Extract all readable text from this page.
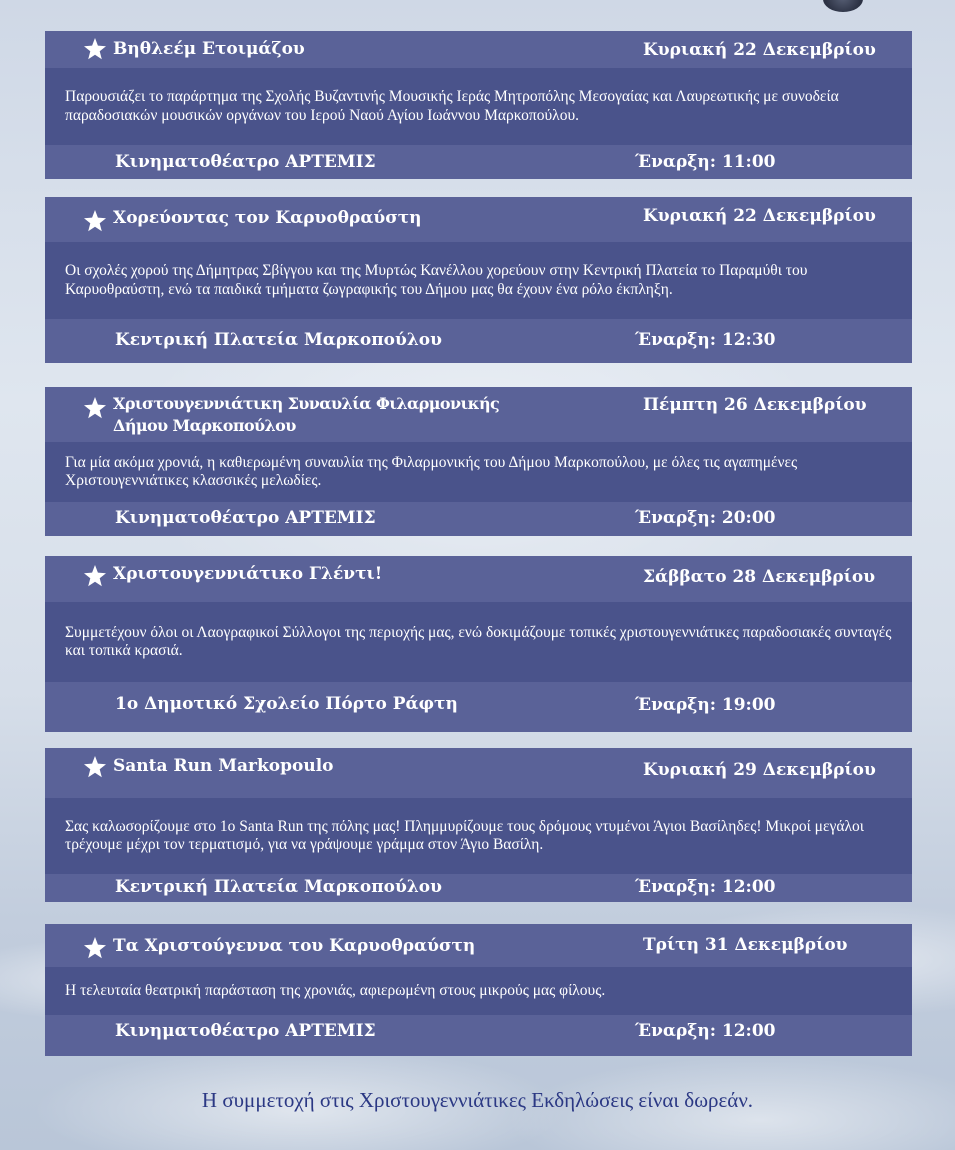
Βηθλεέμ Ετοιμάζου	Κυριακή 22 Δεκεμβρίου
Παρουσιάζει το παράρτημα της Σχολής Βυζαντινής Μουσικής Ιεράς Μητροπόλης Μεσογαίας και Λαυρεωτικής με συνοδεία παραδοσιακών μουσικών οργάνων του Ιερού Ναού Αγίου Ιωάννου Μαρκοπούλου.
Κινηματοθέατρο ΑΡΤΕΜΙΣ	Έναρξη: 11:00
Χορεύοντας τον Καρυοθραύστη	Κυριακή 22 Δεκεμβρίου
Οι σχολές χορού της Δήμητρας Σβίγγου και της Μυρτώς Κανέλλου χορεύουν στην Κεντρική Πλατεία το Παραμύθι του Καρυοθραύστη, ενώ τα παιδικά τμήματα ζωγραφικής του Δήμου μας θα έχουν ένα ρόλο έκπληξη.
Κεντρική Πλατεία Μαρκοπούλου	Έναρξη: 12:30
Χριστουγεννιάτικη Συναυλία Φιλαρμονικής
Δήμου Μαρκοπούλου
Πέμπτη 26 Δεκεμβρίου
Για μία ακόμα χρονιά, η καθιερωμένη συναυλία της Φιλαρμονικής του Δήμου Μαρκοπούλου, με όλες τις αγαπημένες Χριστουγεννιάτικες κλασσικές μελωδίες.
Κινηματοθέατρο ΑΡΤΕΜΙΣ	Έναρξη: 20:00
Χριστουγεννιάτικο Γλέντι!	Σάββατο 28 Δεκεμβρίου
Συμμετέχουν όλοι οι Λαογραφικοί Σύλλογοι της περιοχής μας, ενώ δοκιμάζουμε τοπικές χριστουγεννιάτικες παραδοσιακές συνταγές και τοπικά κρασιά.
1ο Δημοτικό Σχολείο Πόρτο Ράφτη	Έναρξη: 19:00
Santa Run Markopoulo	Κυριακή 29 Δεκεμβρίου
Σας καλωσορίζουμε στο 1ο Santa Run της πόλης μας! Πλημμυρίζουμε τους δρόμους ντυμένοι Άγιοι Βασίληδες! Μικροί μεγάλοι τρέχουμε μέχρι τον τερματισμό, για να γράψουμε γράμμα στον Άγιο Βασίλη.
Κεντρική Πλατεία Μαρκοπούλου	Έναρξη: 12:00
Τα Χριστούγεννα του Καρυοθραύστη	Τρίτη 31 Δεκεμβρίου
Η τελευταία θεατρική παράσταση της χρονιάς, αφιερωμένη στους μικρούς μας φίλους.
Κινηματοθέατρο ΑΡΤΕΜΙΣ	Έναρξη: 12:00
Η συμμετοχή στις Χριστουγεννιάτικες Εκδηλώσεις είναι δωρεάν.
